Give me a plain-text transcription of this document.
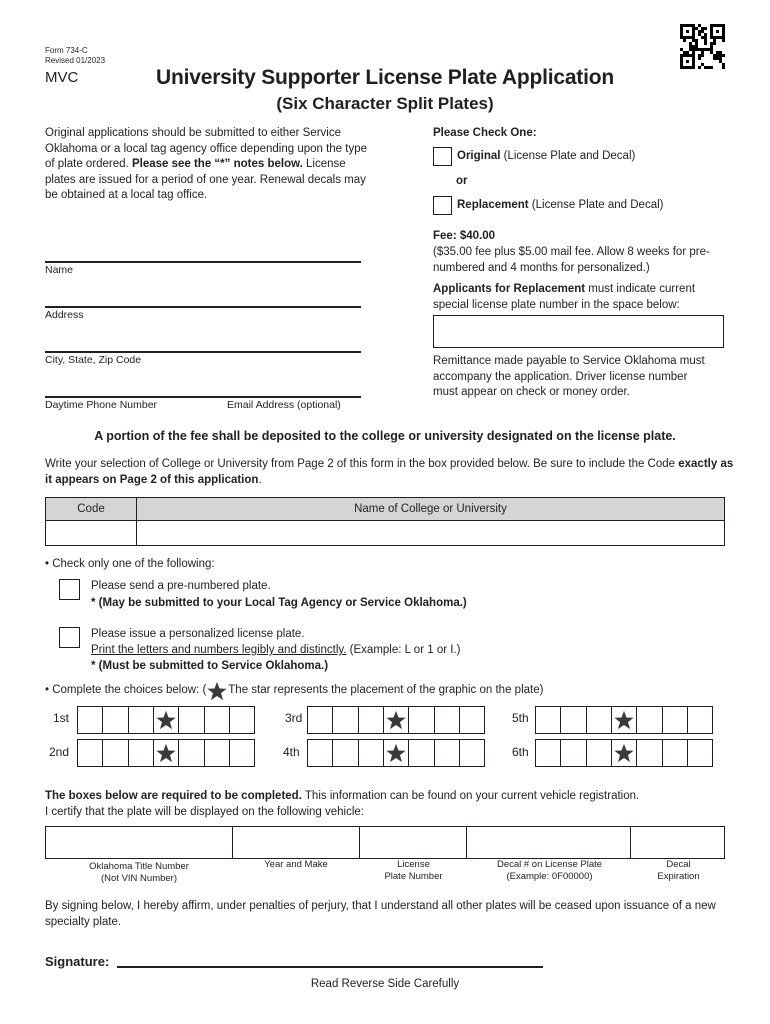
Form 734-C
Revised 01/2023
MVC	University Supporter License Plate Application
(Six Character Split Plates)
Original applications should be submitted to either Service Oklahoma or a local tag agency office depending upon the type of plate ordered. Please see the “*” notes below. License plates are issued for a period of one year. Renewal decals may be obtained at a local tag office.
Name
Address
City, State, Zip Code
Daytime Phone Number	Email Address (optional)
Please Check One:
Original (License Plate and Decal)
or
Replacement (License Plate and Decal)
Fee: $40.00
($35.00 fee plus $5.00 mail fee. Allow 8 weeks for pre-numbered and 4 months for personalized.)
Applicants for Replacement must indicate current special license plate number in the space below:
Remittance made payable to Service Oklahoma must accompany the application. Driver license number must appear on check or money order.
A portion of the fee shall be deposited to the college or university designated on the license plate.
Write your selection of College or University from Page 2 of this form in the box provided below. Be sure to include the Code exactly as it appears on Page 2 of this application.
Code	Name of College or University

• Check only one of the following:
Please send a pre-numbered plate.
* (May be submitted to your Local Tag Agency or Service Oklahoma.)
Please issue a personalized license plate.
Print the letters and numbers legibly and distinctly. (Example: L or 1 or I.)
* (Must be submitted to Service Oklahoma.)
• Complete the choices below: ( The star represents the placement of the graphic on the plate)
1st
2nd
3rd
4th
5th
6th
The boxes below are required to be completed. This information can be found on your current vehicle registration.
I certify that the plate will be displayed on the following vehicle:
Oklahoma Title Number
(Not VIN Number)
Year and Make	License
Plate Number
Decal # on License Plate
(Example: 0F00000)
Decal
Expiration
By signing below, I hereby affirm, under penalties of perjury, that I understand all other plates will be ceased upon issuance of a new specialty plate.
Signature:
Read Reverse Side Carefully
